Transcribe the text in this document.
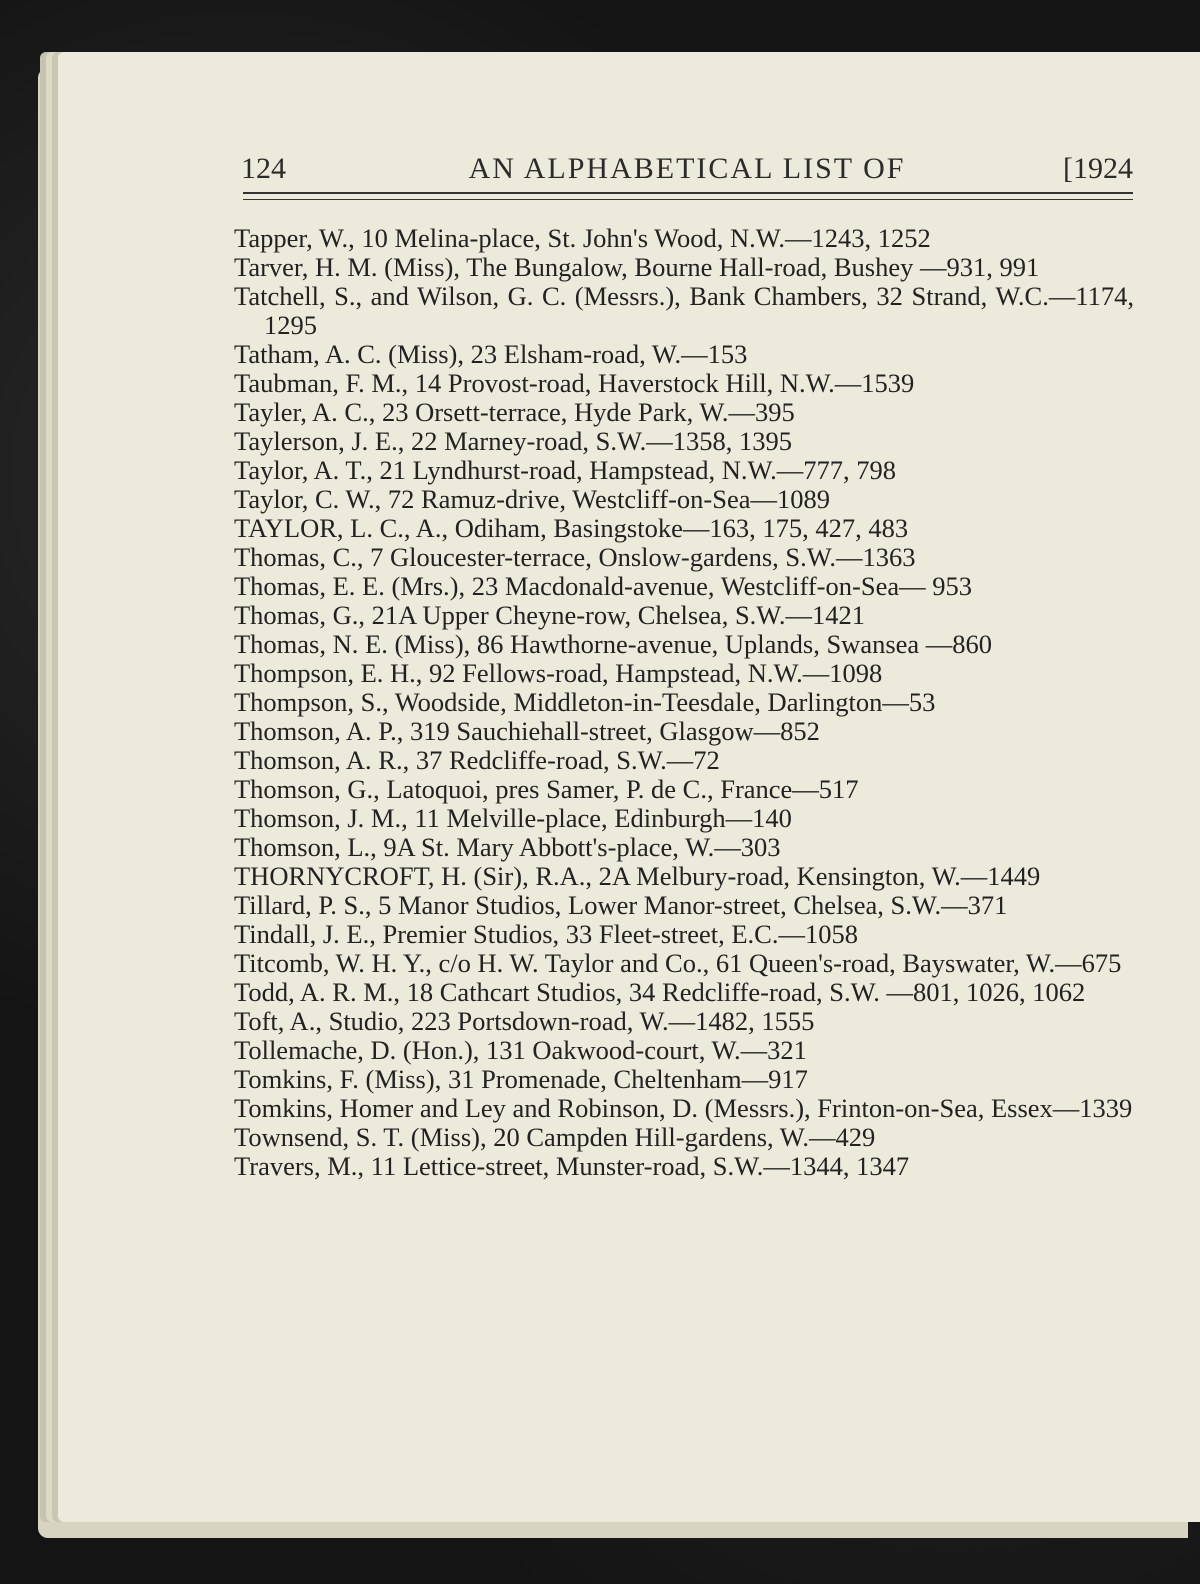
124	AN ALPHABETICAL LIST OF	[1924
Tapper, W., 10 Melina-place, St. John's Wood, N.W.—1243, 1252
Tarver, H. M. (Miss), The Bungalow, Bourne Hall-road, Bushey —931, 991
Tatchell, S., and Wilson, G. C. (Messrs.), Bank Chambers, 32 Strand, W.C.—1174, 1295
Tatham, A. C. (Miss), 23 Elsham-road, W.—153
Taubman, F. M., 14 Provost-road, Haverstock Hill, N.W.—1539
Tayler, A. C., 23 Orsett-terrace, Hyde Park, W.—395
Taylerson, J. E., 22 Marney-road, S.W.—1358, 1395
Taylor, A. T., 21 Lyndhurst-road, Hampstead, N.W.—777, 798
Taylor, C. W., 72 Ramuz-drive, Westcliff-on-Sea—1089
TAYLOR, L. C., A., Odiham, Basingstoke—163, 175, 427, 483
Thomas, C., 7 Gloucester-terrace, Onslow-gardens, S.W.—1363
Thomas, E. E. (Mrs.), 23 Macdonald-avenue, Westcliff-on-Sea— 953
Thomas, G., 21A Upper Cheyne-row, Chelsea, S.W.—1421
Thomas, N. E. (Miss), 86 Hawthorne-avenue, Uplands, Swansea —860
Thompson, E. H., 92 Fellows-road, Hampstead, N.W.—1098
Thompson, S., Woodside, Middleton-in-Teesdale, Darlington—53
Thomson, A. P., 319 Sauchiehall-street, Glasgow—852
Thomson, A. R., 37 Redcliffe-road, S.W.—72
Thomson, G., Latoquoi, pres Samer, P. de C., France—517
Thomson, J. M., 11 Melville-place, Edinburgh—140
Thomson, L., 9A St. Mary Abbott's-place, W.—303
THORNYCROFT, H. (Sir), R.A., 2A Melbury-road, Kensington, W.—1449
Tillard, P. S., 5 Manor Studios, Lower Manor-street, Chelsea, S.W.—371
Tindall, J. E., Premier Studios, 33 Fleet-street, E.C.—1058
Titcomb, W. H. Y., c/o H. W. Taylor and Co., 61 Queen's-road, Bayswater, W.—675
Todd, A. R. M., 18 Cathcart Studios, 34 Redcliffe-road, S.W. —801, 1026, 1062
Toft, A., Studio, 223 Portsdown-road, W.—1482, 1555
Tollemache, D. (Hon.), 131 Oakwood-court, W.—321
Tomkins, F. (Miss), 31 Promenade, Cheltenham—917
Tomkins, Homer and Ley and Robinson, D. (Messrs.), Frinton-on-Sea, Essex—1339
Townsend, S. T. (Miss), 20 Campden Hill-gardens, W.—429
Travers, M., 11 Lettice-street, Munster-road, S.W.—1344, 1347
